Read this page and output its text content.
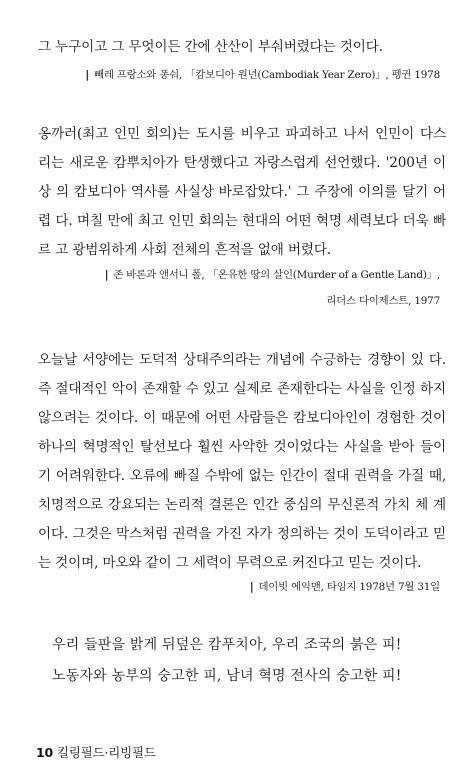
그 누구이고 그 무엇이든 간에 산산이 부숴버렸다는 것이다.

| 빼레 프랑소와 퐁숴, 「캄보디아 원년(Cambodiak Year Zero)」, 펭귄 1978

옹까러(최고 인민 회의)는 도시를 비우고 파괴하고 나서 인민이 다스 리는 새로운 캄뿌치아가 탄생했다고 자랑스럽게 선언했다. '200년 이상 의 캄보디아 역사를 사실상 바로잡았다.' 그 주장에 이의를 달기 어렵 다. 며칠 만에 최고 인민 회의는 현대의 어떤 혁명 세력보다 더욱 빠르 고 광범위하게 사회 전체의 흔적을 없애 버렸다.

| 존 바론과 앤서니 폴, 「온유한 땅의 살인(Murder of a Gentle Land)」,

리더스 다이제스트, 1977

오늘날 서양에는 도덕적 상대주의라는 개념에 수긍하는 경향이 있 다. 즉 절대적인 악이 존재할 수 있고 실제로 존재한다는 사실을 인정 하지 않으려는 것이다. 이 때문에 어떤 사람들은 캄보디아인이 경험한 것이 하나의 혁명적인 탈선보다 훨씬 사악한 것이었다는 사실을 받아 들이기 어려워한다. 오류에 빠질 수밖에 없는 인간이 절대 권력을 가질 때, 치명적으로 강요되는 논리적 결론은 인간 중심의 무신론적 가치 체 계이다. 그것은 막스처럼 권력을 가진 자가 정의하는 것이 도덕이라고 믿는 것이며, 마오와 같이 그 세력이 무력으로 커진다고 믿는 것이다.

| 데이빗 에익맨, 타임지 1978년 7월 31일

우리 들판을 밝게 뒤덮은 캄푸치아, 우리 조국의 붉은 피!

노동자와 농부의 숭고한 피, 남녀 혁명 전사의 숭고한 피!

10 킬링필드·리빙필드
